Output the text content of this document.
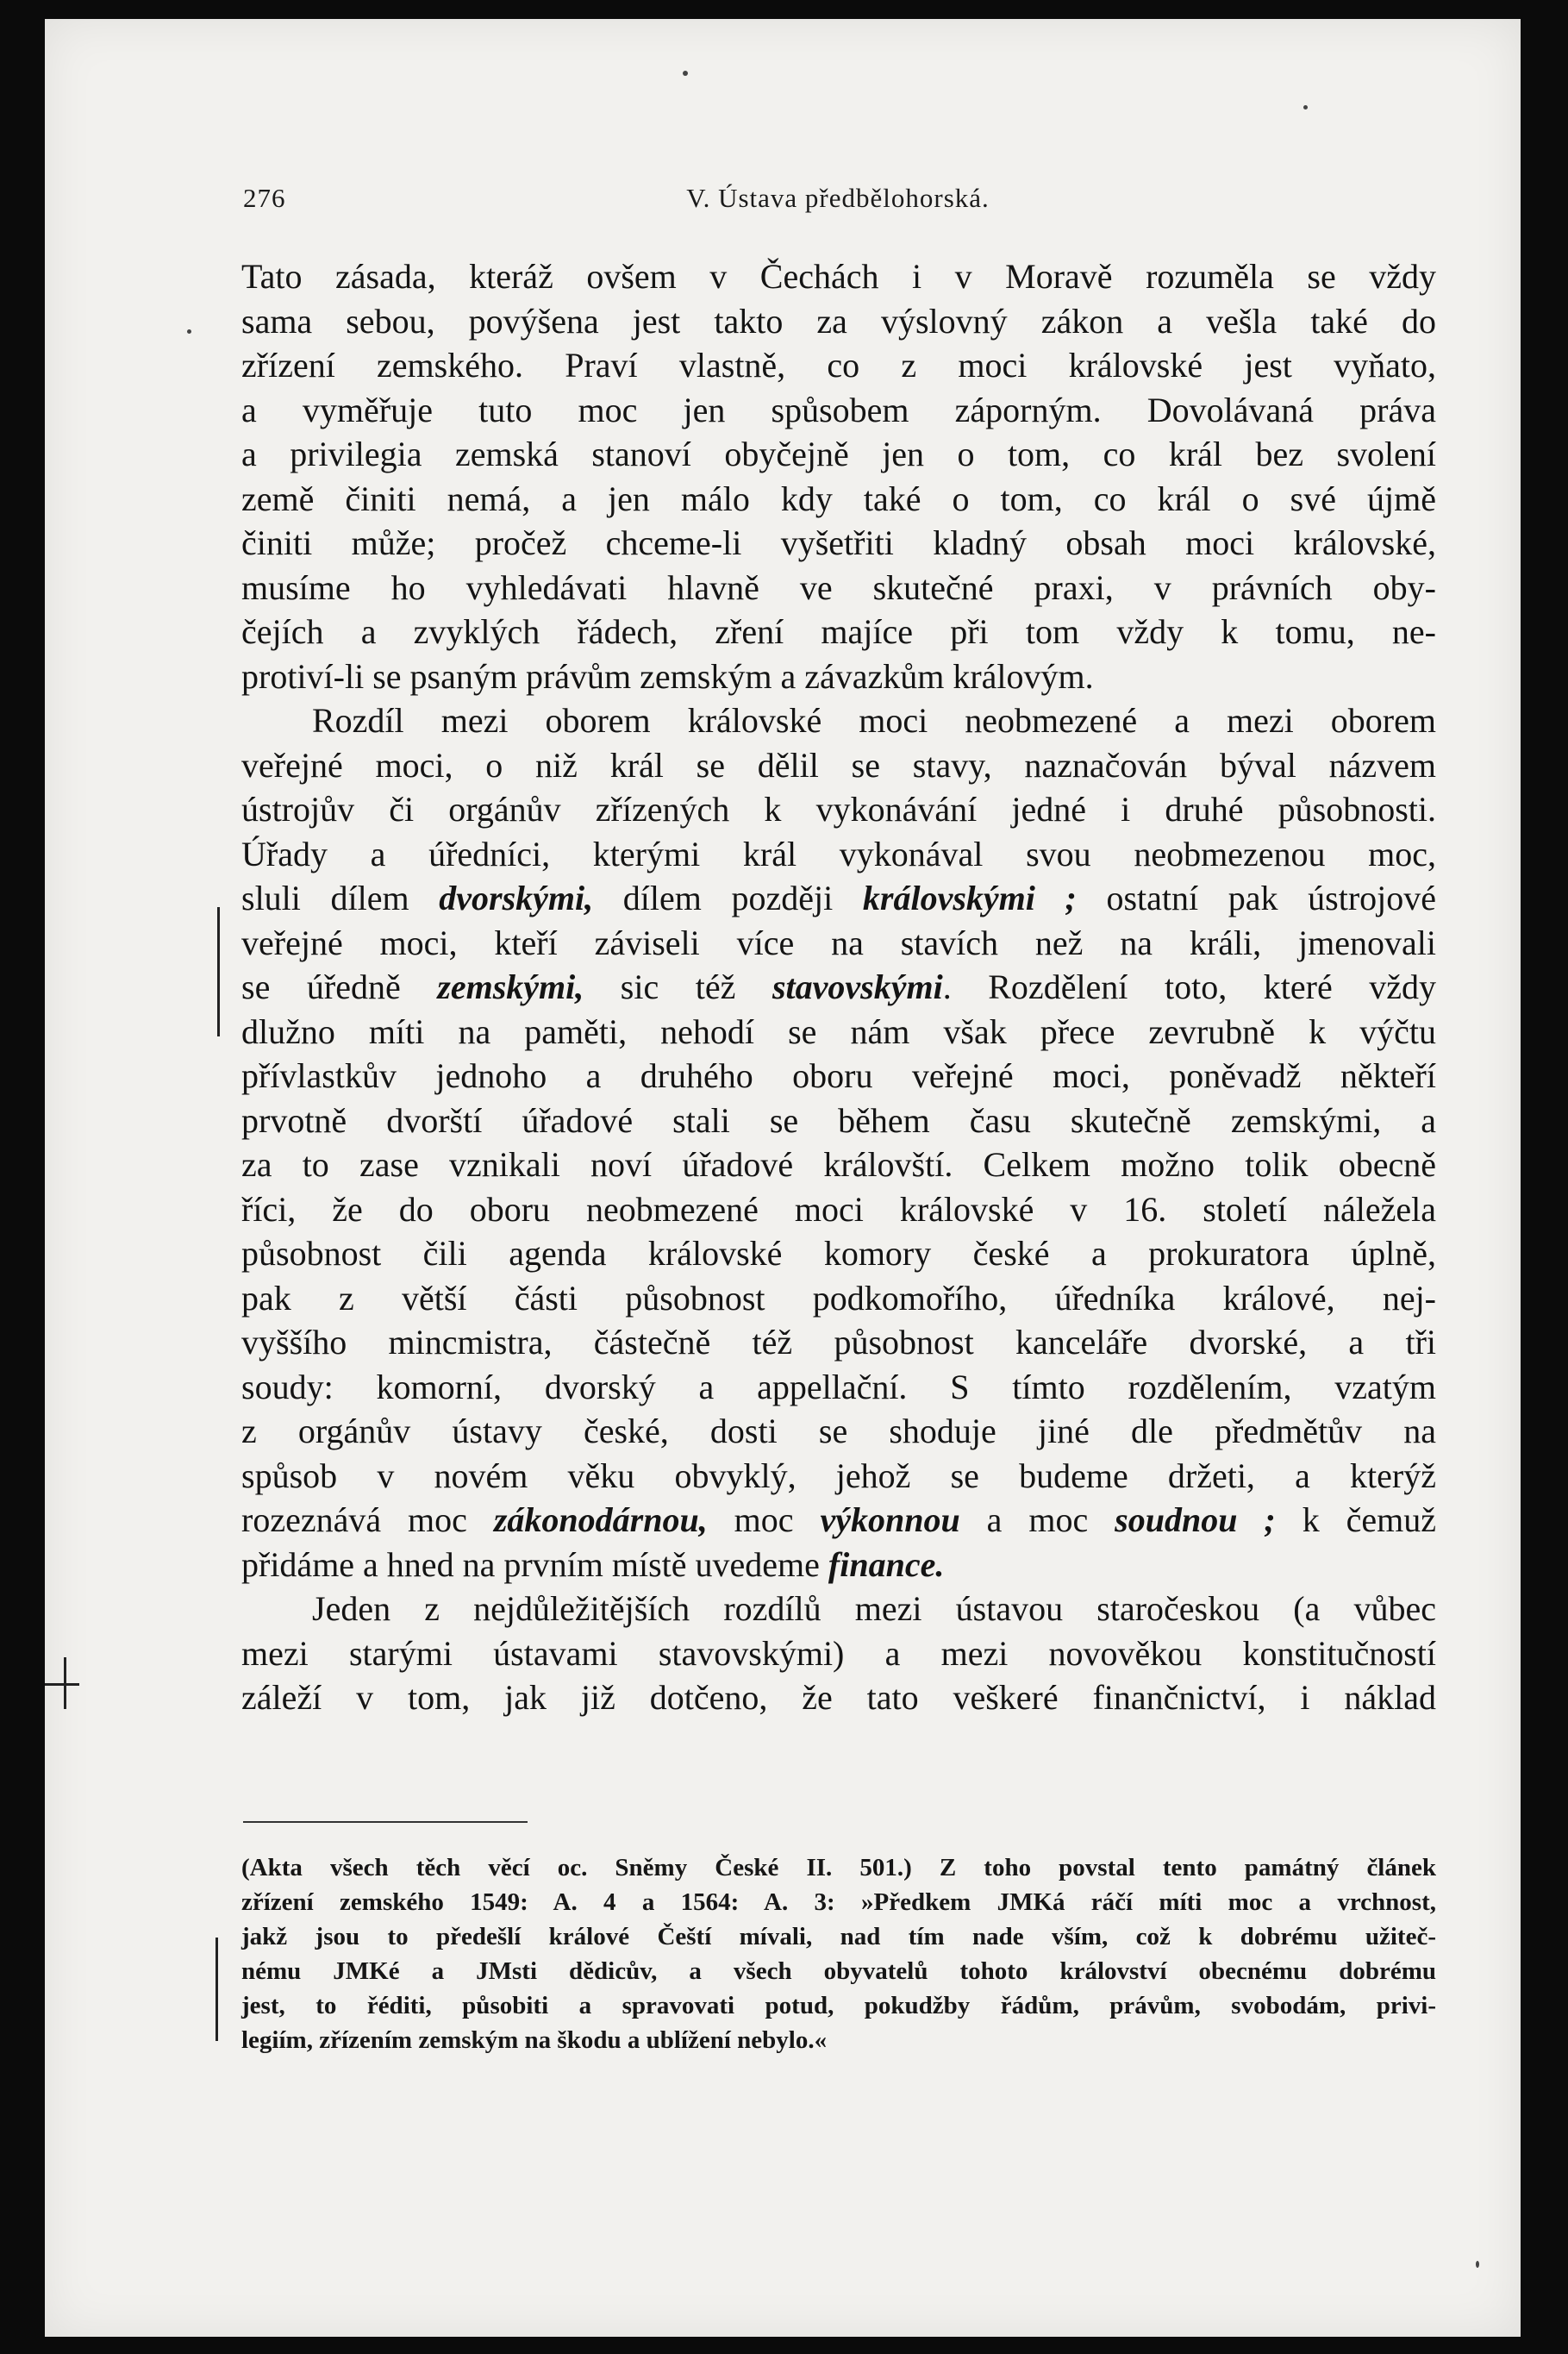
276	V. Ústava předbělohorská.
Tato zásada, kteráž ovšem v Čechách i v Moravě rozuměla se vždy
sama sebou, povýšena jest takto za výslovný zákon a vešla také do
zřízení zemského. Praví vlastně, co z moci královské jest vyňato,
a vyměřuje tuto moc jen spůsobem záporným. Dovolávaná práva
a privilegia zemská stanoví obyčejně jen o tom, co král bez svolení
země činiti nemá, a jen málo kdy také o tom, co král o své újmě
činiti může; pročež chceme-li vyšetřiti kladný obsah moci královské,
musíme ho vyhledávati hlavně ve skutečné praxi, v právních oby-
čejích a zvyklých řádech, zření majíce při tom vždy k tomu, ne-
protiví-li se psaným právům zemským a závazkům královým.
Rozdíl mezi oborem královské moci neobmezené a mezi oborem
veřejné moci, o niž král se dělil se stavy, naznačován býval názvem
ústrojův či orgánův zřízených k vykonávání jedné i druhé působnosti.
Úřady a úředníci, kterými král vykonával svou neobmezenou moc,
sluli dílem dvorskými, dílem později královskými ; ostatní pak ústrojové
veřejné moci, kteří záviseli více na stavích než na králi, jmenovali
se úředně zemskými, sic též stavovskými. Rozdělení toto, které vždy
dlužno míti na paměti, nehodí se nám však přece zevrubně k výčtu
přívlastkův jednoho a druhého oboru veřejné moci, poněvadž někteří
prvotně dvorští úřadové stali se během času skutečně zemskými, a
za to zase vznikali noví úřadové královští. Celkem možno tolik obecně
říci, že do oboru neobmezené moci královské v 16. století náležela
působnost čili agenda královské komory české a prokuratora úplně,
pak z větší části působnost podkomořího, úředníka králové, nej-
vyššího mincmistra, částečně též působnost kanceláře dvorské, a tři
soudy: komorní, dvorský a appellační. S tímto rozdělením, vzatým
z orgánův ústavy české, dosti se shoduje jiné dle předmětův na
spůsob v novém věku obvyklý, jehož se budeme držeti, a kterýž
rozeznává moc zákonodárnou, moc výkonnou a moc soudnou ; k čemuž
přidáme a hned na prvním místě uvedeme finance.
Jeden z nejdůležitějších rozdílů mezi ústavou staročeskou (a vůbec
mezi starými ústavami stavovskými) a mezi novověkou konstitučností
záleží v tom, jak již dotčeno, že tato veškeré finančnictví, i náklad
(Akta všech těch věcí oc. Sněmy České II. 501.) Z toho povstal tento památný článek
zřízení zemského 1549: A. 4 a 1564: A. 3: »Předkem JMKá ráčí míti moc a vrchnost,
jakž jsou to předešlí králové Čeští mívali, nad tím nade vším, což k dobrému užiteč-
nému JMKé a JMsti dědicův, a všech obyvatelů tohoto království obecnému dobrému
jest, to řéditi, působiti a spravovati potud, pokudžby řádům, právům, svobodám, privi-
legiím, zřízením zemským na škodu a ublížení nebylo.«
